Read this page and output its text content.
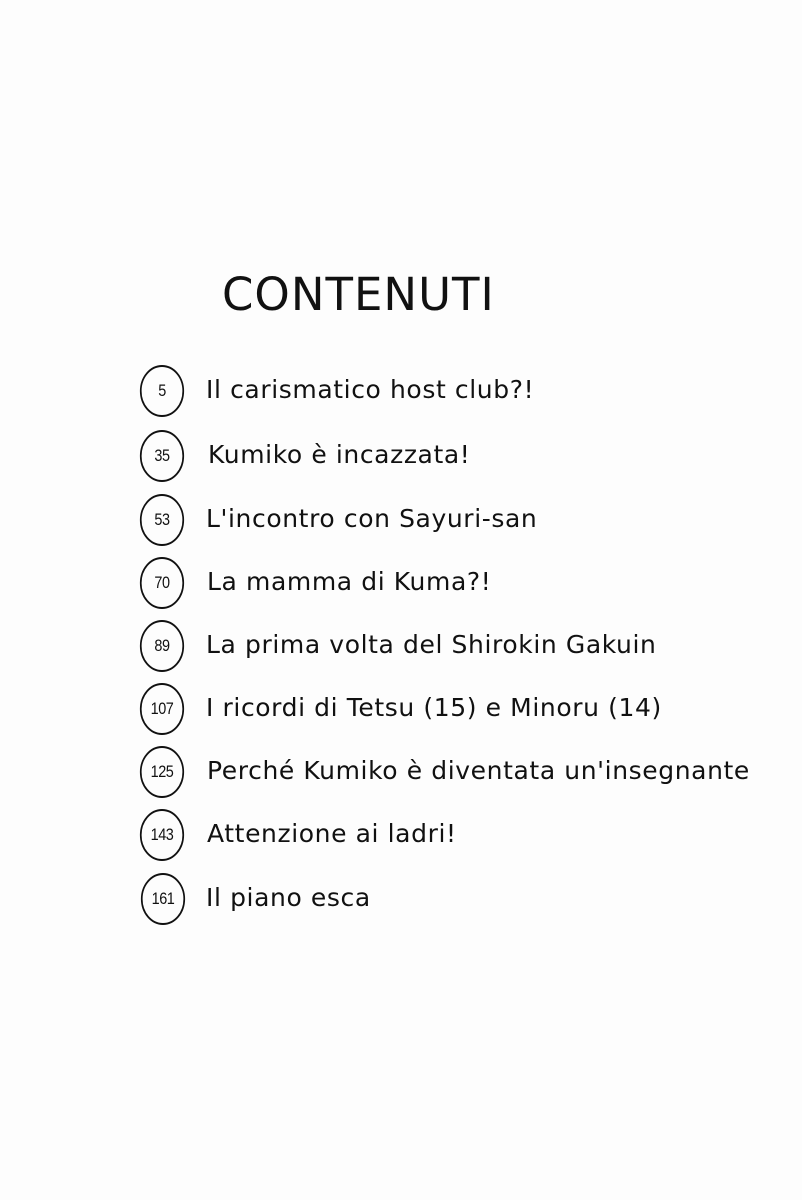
CONTENUTI
5	Il carismatico host club?!
35	Kumiko è incazzata!
53	L'incontro con Sayuri-san
70	La mamma di Kuma?!
89	La prima volta del Shirokin Gakuin
107	I ricordi di Tetsu (15) e Minoru (14)
125	Perché Kumiko è diventata un'insegnante
143	Attenzione ai ladri!
161	Il piano esca
